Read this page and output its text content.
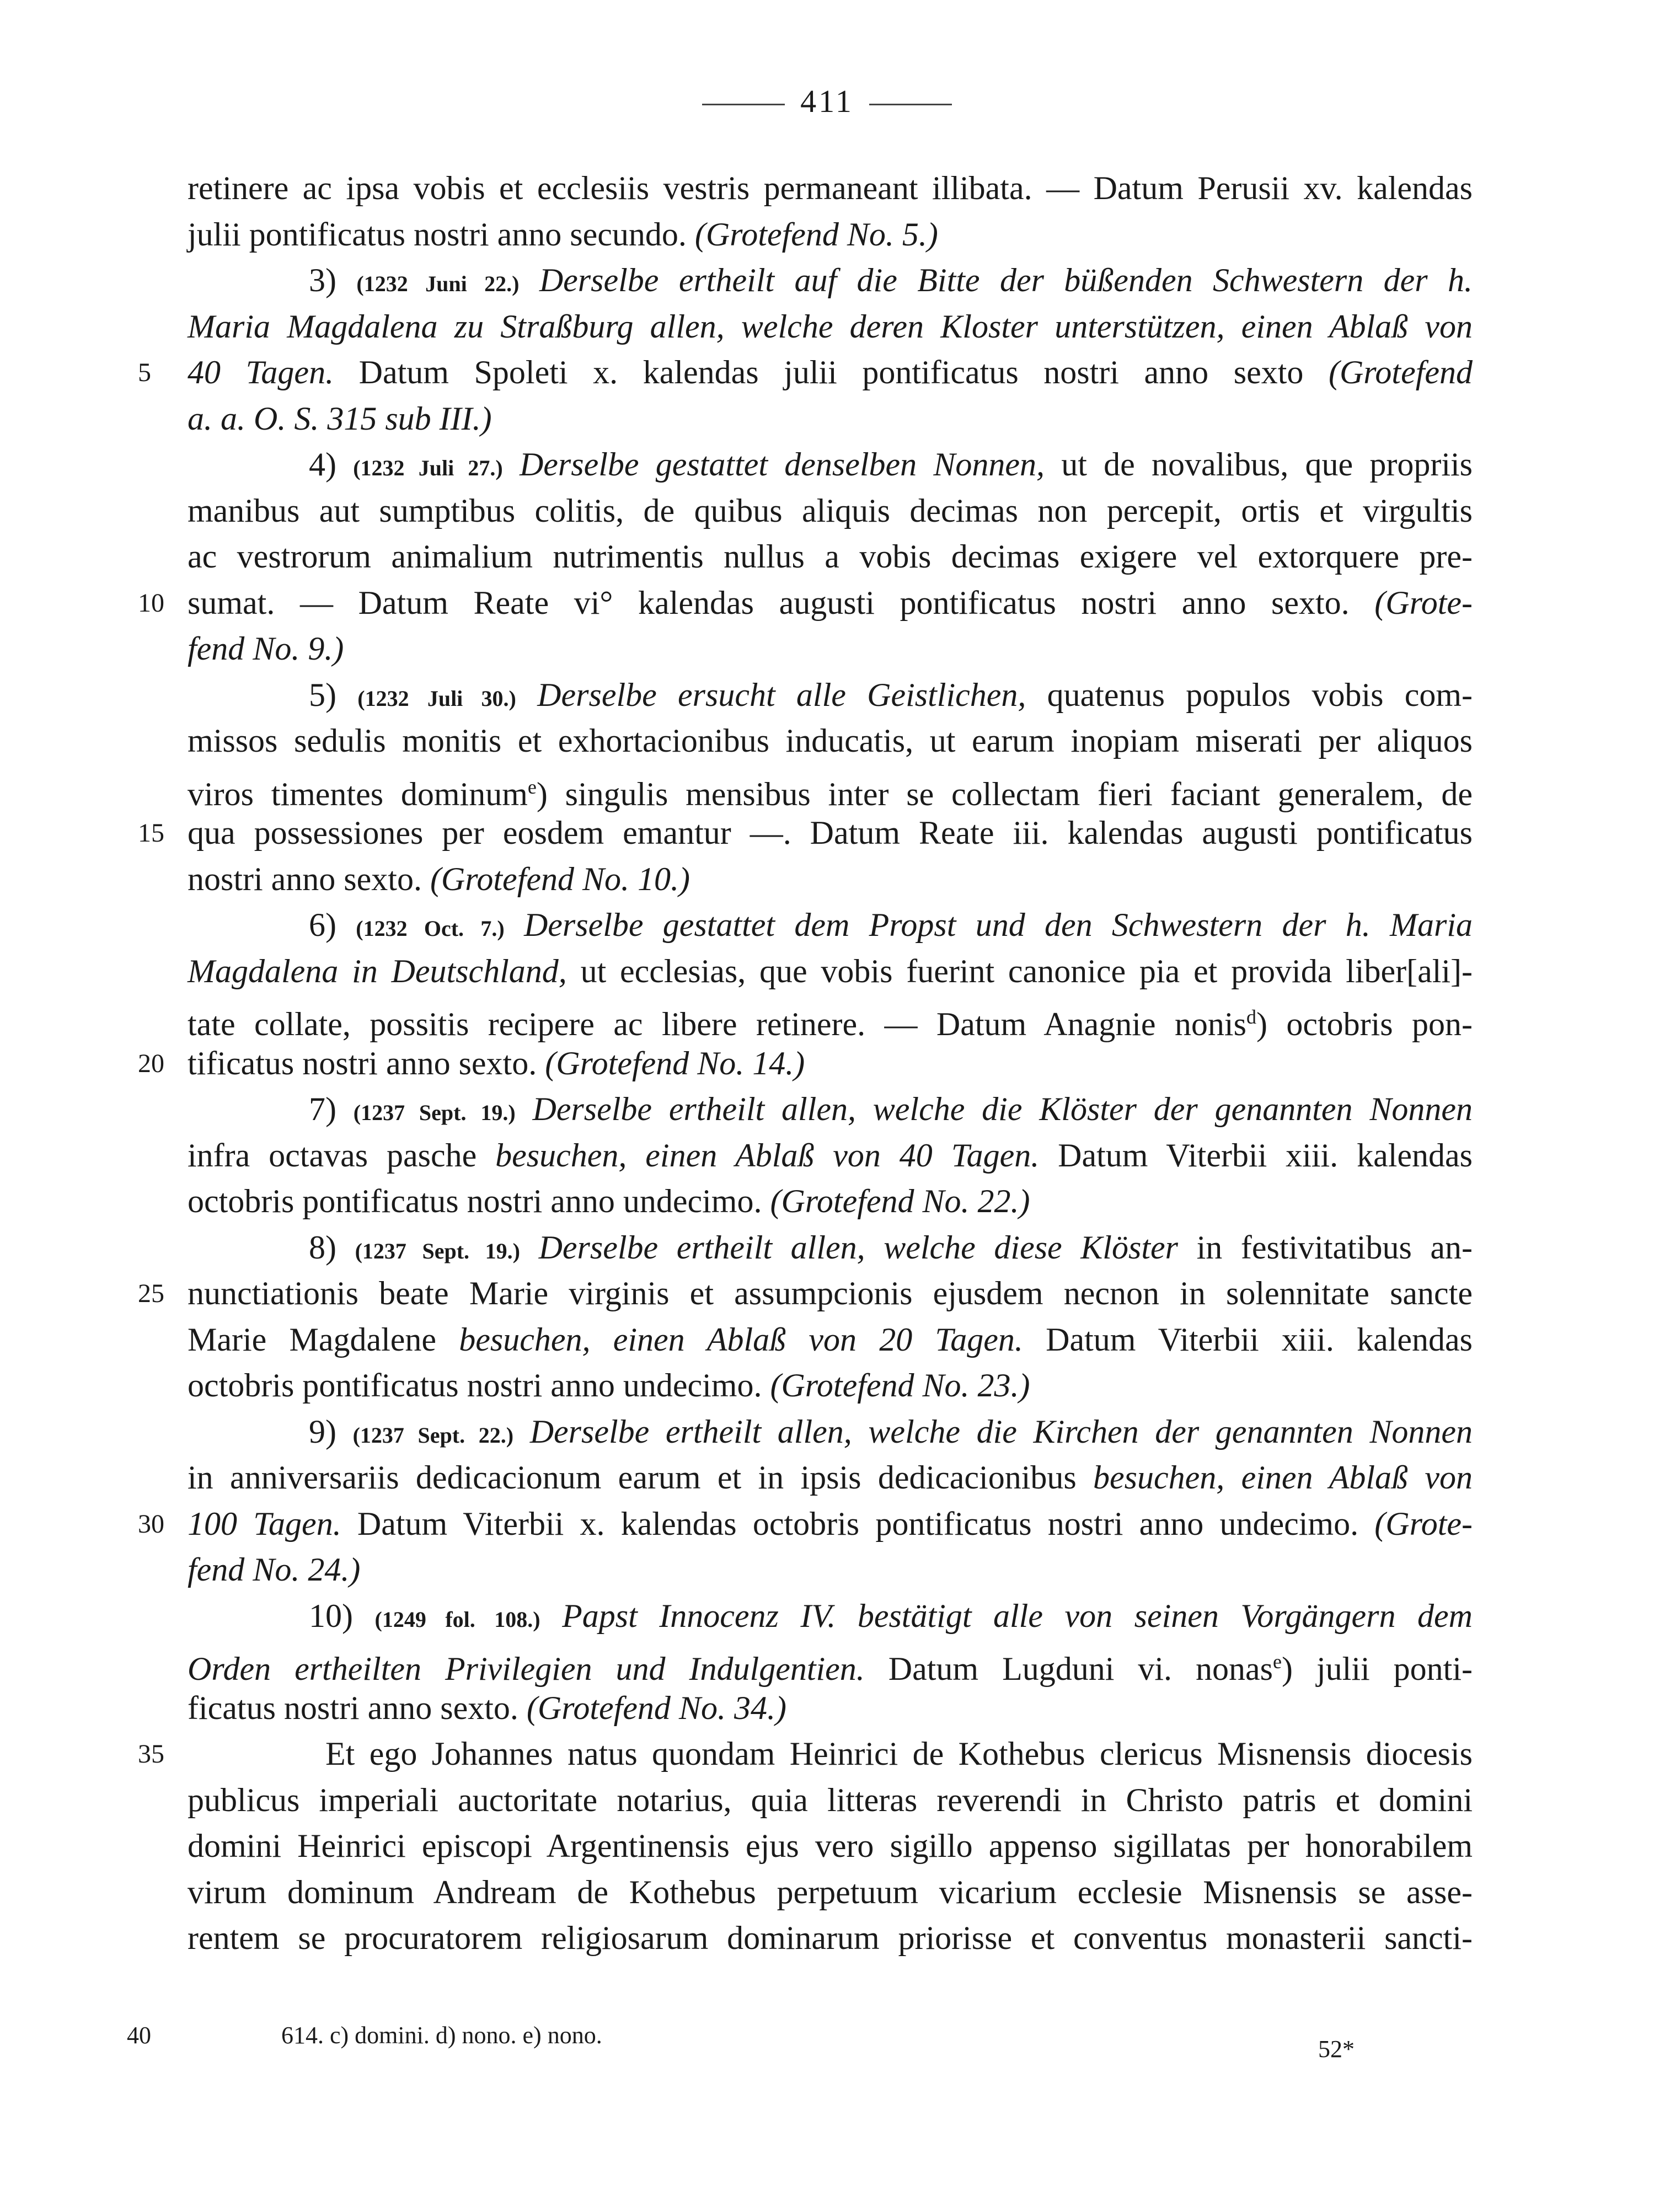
411
retinere ac ipsa vobis et ecclesiis vestris permaneant illibata. — Datum Perusii xv. kalendas
julii pontificatus nostri anno secundo. (Grotefend No. 5.)
3) (1232 Juni 22.) Derselbe ertheilt auf die Bitte der büßenden Schwestern der h.
Maria Magdalena zu Straßburg allen, welche deren Kloster unterstützen, einen Ablaß von
5	40 Tagen. Datum Spoleti x. kalendas julii pontificatus nostri anno sexto (Grotefend
a. a. O. S. 315 sub III.)
4) (1232 Juli 27.) Derselbe gestattet denselben Nonnen, ut de novalibus, que propriis
manibus aut sumptibus colitis, de quibus aliquis decimas non percepit, ortis et virgultis
ac vestrorum animalium nutrimentis nullus a vobis decimas exigere vel extorquere pre-
10 sumat. — Datum Reate vi° kalendas augusti pontificatus nostri anno sexto. (Grote-
fend No. 9.)
5) (1232 Juli 30.) Derselbe ersucht alle Geistlichen, quatenus populos vobis com-
missos sedulis monitis et exhortacionibus inducatis, ut earum inopiam miserati per aliquos
viros timentes dominum$^e$) singulis mensibus inter se collectam fieri faciant generalem, de
15 qua possessiones per eosdem emantur —. Datum Reate iii. kalendas augusti pontificatus
nostri anno sexto. (Grotefend No. 10.)
6) (1232 Oct. 7.) Derselbe gestattet dem Propst und den Schwestern der h. Maria
Magdalena in Deutschland, ut ecclesias, que vobis fuerint canonice pia et provida liber[ali]-
tate collate, possitis recipere ac libere retinere. — Datum Anagnie nonis$^d$) octobris pon-
20 tificatus nostri anno sexto. (Grotefend No. 14.)
7) (1237 Sept. 19.) Derselbe ertheilt allen, welche die Klöster der genannten Nonnen
infra octavas pasche besuchen, einen Ablaß von 40 Tagen. Datum Viterbii xiii. kalendas
octobris pontificatus nostri anno undecimo. (Grotefend No. 22.)
8) (1237 Sept. 19.) Derselbe ertheilt allen, welche diese Klöster in festivitatibus an-
25 nunctiationis beate Marie virginis et assumpcionis ejusdem necnon in solennitate sancte
Marie Magdalene besuchen, einen Ablaß von 20 Tagen. Datum Viterbii xiii. kalendas
octobris pontificatus nostri anno undecimo. (Grotefend No. 23.)
9) (1237 Sept. 22.) Derselbe ertheilt allen, welche die Kirchen der genannten Nonnen
in anniversariis dedicacionum earum et in ipsis dedicacionibus besuchen, einen Ablaß von
30 100 Tagen. Datum Viterbii x. kalendas octobris pontificatus nostri anno undecimo. (Grote-
fend No. 24.)
10) (1249 fol. 108.) Papst Innocenz IV. bestätigt alle von seinen Vorgängern dem
Orden ertheilten Privilegien und Indulgentien. Datum Lugduni vi. nonas$^e$) julii ponti-
ficatus nostri anno sexto. (Grotefend No. 34.)
35	Et ego Johannes natus quondam Heinrici de Kothebus clericus Misnensis diocesis
publicus imperiali auctoritate notarius, quia litteras reverendi in Christo patris et domini
domini Heinrici episcopi Argentinensis ejus vero sigillo appenso sigillatas per honorabilem
virum dominum Andream de Kothebus perpetuum vicarium ecclesie Misnensis se asse-
rentem se procuratorem religiosarum dominarum priorisse et conventus monasterii sancti-
40	614. c) domini. d) nono. e) nono.
52*
